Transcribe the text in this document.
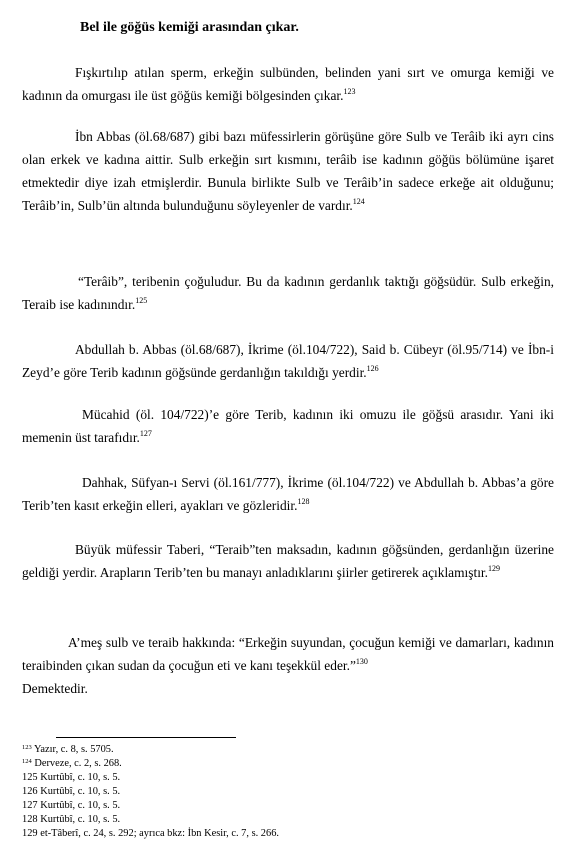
Bel ile göğüs kemiği arasından çıkar.

Fışkırtılıp atılan sperm, erkeğin sulbünden, belinden yani sırt ve omurga kemiği ve kadının da omurgası ile üst göğüs kemiği bölgesinden çıkar.$^{123}$

İbn Abbas (öl.68/687) gibi bazı müfessirlerin görüşüne göre Sulb ve Terâib iki ayrı cins olan erkek ve kadına aittir. Sulb erkeğin sırt kısmını, terâib ise kadının göğüs bölümüne işaret etmektedir diye izah etmişlerdir. Bunula birlikte Sulb ve Terâib’in sadece erkeğe ait olduğunu; Terâib’in, Sulb’ün altında bulunduğunu söyleyenler de vardır.$^{124}$

“Terâib”, teribenin çoğuludur. Bu da kadının gerdanlık taktığı göğsüdür. Sulb erkeğin, Teraib ise kadınındır.$^{125}$

Abdullah b. Abbas (öl.68/687), İkrime (öl.104/722), Said b. Cübeyr (öl.95/714) ve İbn-i Zeyd’e göre Terib kadının göğsünde gerdanlığın takıldığı yerdir.$^{126}$

Mücahid (öl. 104/722)’e göre Terib, kadının iki omuzu ile göğsü arasıdır. Yani iki memenin üst tarafıdır.$^{127}$

Dahhak, Süfyan-ı Servi (öl.161/777), İkrime (öl.104/722) ve Abdullah b. Abbas’a göre Terib’ten kasıt erkeğin elleri, ayakları ve gözleridir.$^{128}$

Büyük müfessir Taberi, “Teraib”ten maksadın, kadının göğsünden, gerdanlığın üzerine geldiği yerdir. Arapların Terib’ten bu manayı anladıklarını şiirler getirerek açıklamıştır.$^{129}$

A’meş sulb ve teraib hakkında: “Erkeğin suyundan, çocuğun kemiği ve damarları, kadının teraibinden çıkan sudan da çocuğun eti ve kanı teşekkül eder.”$^{130}$
Demektedir.

$^{123}$ Yazır, c. 8, s. 5705.
$^{124}$ Derveze, c. 2, s. 268.
125 Kurtûbî, c. 10, s. 5.
126 Kurtûbî, c. 10, s. 5.
127 Kurtûbî, c. 10, s. 5.
128 Kurtûbî, c. 10, s. 5.
129 et-Tâberî, c. 24, s. 292; ayrıca bkz: İbn Kesir, c. 7, s. 266.
